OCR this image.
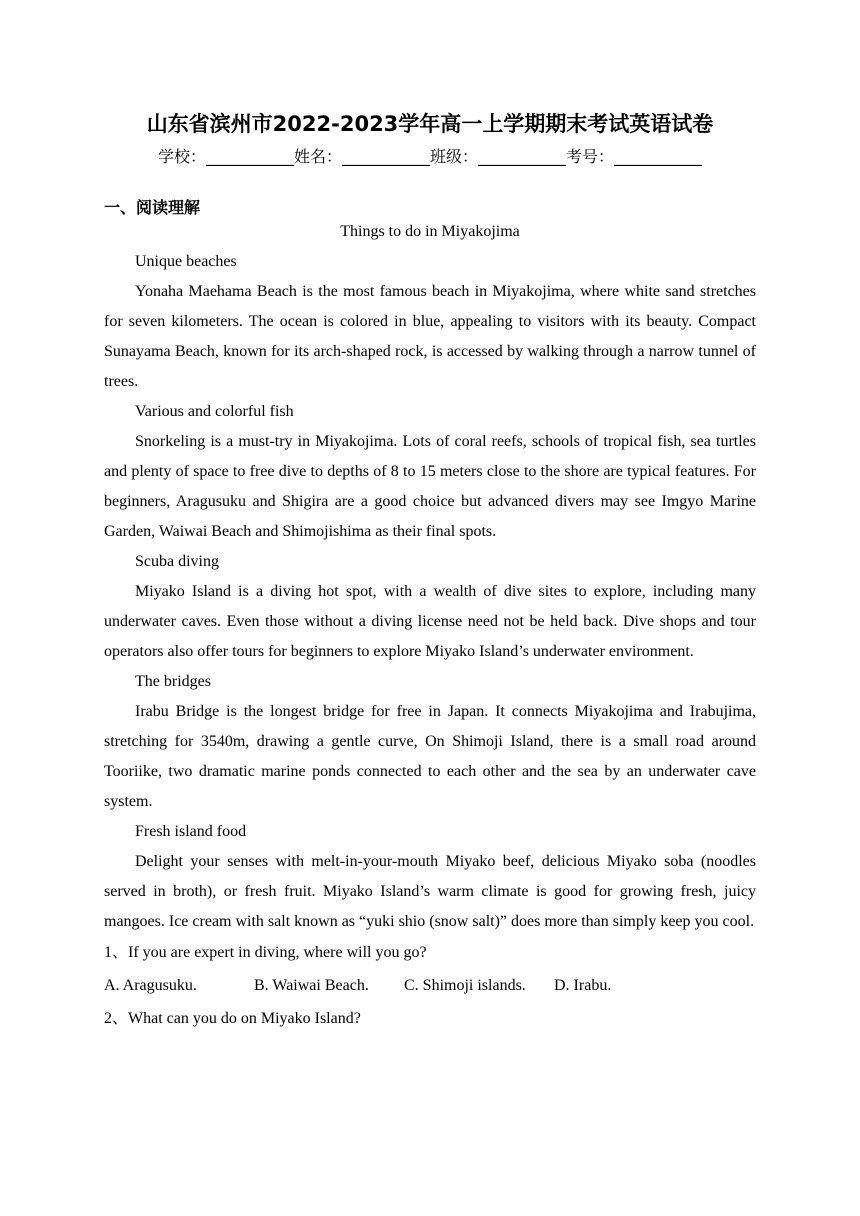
山东省滨州市2022-2023学年高一上学期期末考试英语试卷
学校：___________姓名：___________班级：___________考号：___________
一、阅读理解

Things to do in Miyakojima

Unique beaches

Yonaha Maehama Beach is the most famous beach in Miyakojima, where white sand stretches for seven kilometers. The ocean is colored in blue, appealing to visitors with its beauty. Compact Sunayama Beach, known for its arch-shaped rock, is accessed by walking through a narrow tunnel of trees.

Various and colorful fish

Snorkeling is a must-try in Miyakojima. Lots of coral reefs, schools of tropical fish, sea turtles and plenty of space to free dive to depths of 8 to 15 meters close to the shore are typical features. For beginners, Aragusuku and Shigira are a good choice but advanced divers may see Imgyo Marine Garden, Waiwai Beach and Shimojishima as their final spots.

Scuba diving

Miyako Island is a diving hot spot, with a wealth of dive sites to explore, including many underwater caves. Even those without a diving license need not be held back. Dive shops and tour operators also offer tours for beginners to explore Miyako Island’s underwater environment.

The bridges

Irabu Bridge is the longest bridge for free in Japan. It connects Miyakojima and Irabujima, stretching for 3540m, drawing a gentle curve, On Shimoji Island, there is a small road around Tooriike, two dramatic marine ponds connected to each other and the sea by an underwater cave system.

Fresh island food

Delight your senses with melt-in-your-mouth Miyako beef, delicious Miyako soba (noodles served in broth), or fresh fruit. Miyako Island’s warm climate is good for growing fresh, juicy mangoes. Ice cream with salt known as “yuki shio (snow salt)” does more than simply keep you cool.

1、If you are expert in diving, where will you go?

A. Aragusuku.	B. Waiwai Beach. C. Shimoji islands. D. Irabu.

2、What can you do on Miyako Island?
